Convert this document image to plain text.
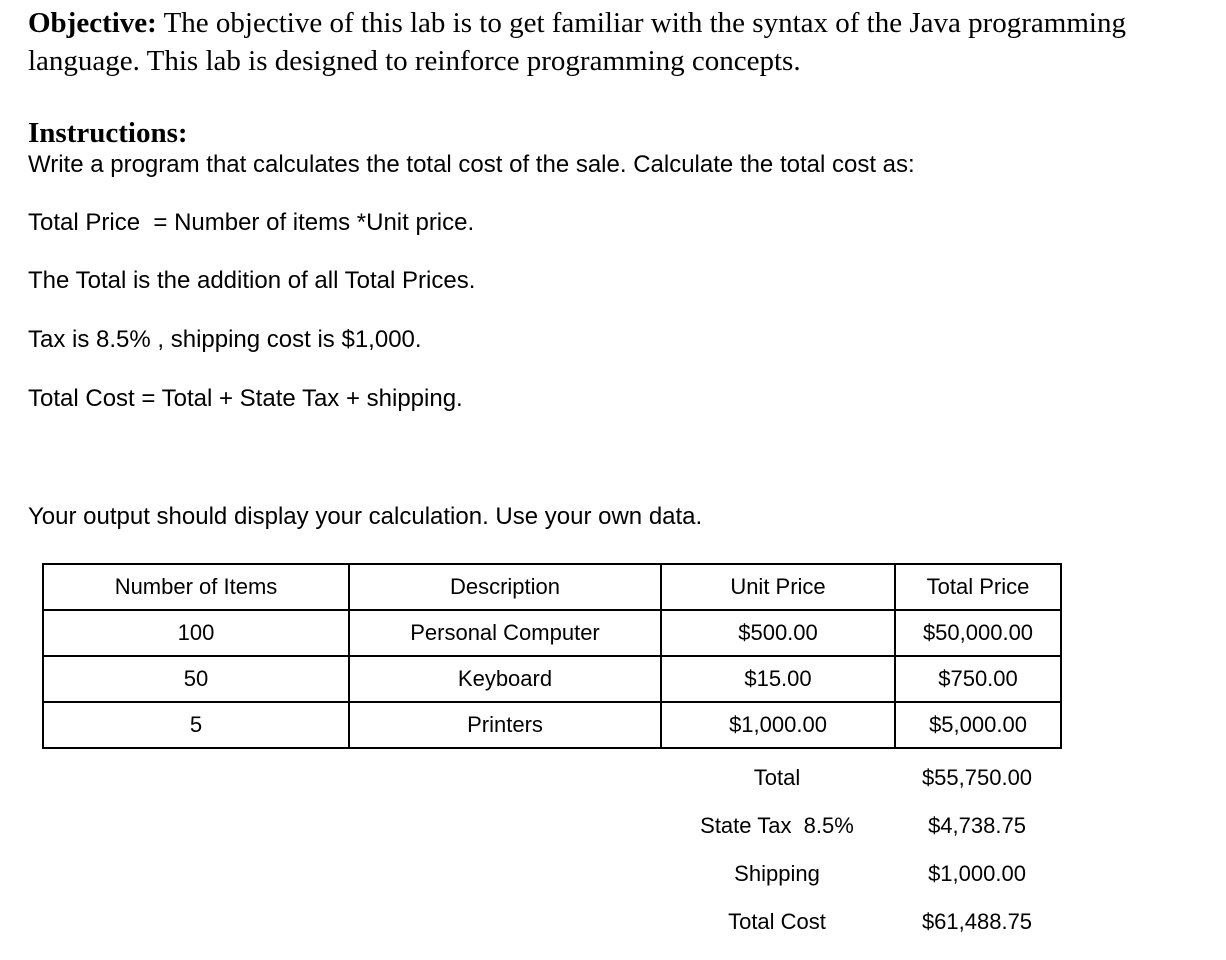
Objective: The objective of this lab is to get familiar with the syntax of the Java programming language. This lab is designed to reinforce programming concepts.
Instructions:
Write a program that calculates the total cost of the sale. Calculate the total cost as:
Total Price  = Number of items *Unit price.
The Total is the addition of all Total Prices.
Tax is 8.5% , shipping cost is $1,000.
Total Cost = Total + State Tax + shipping.
Your output should display your calculation. Use your own data.
Number of Items	Description	Unit Price	Total Price
100	Personal Computer	$500.00	$50,000.00
50	Keyboard	$15.00	$750.00
5	Printers	$1,000.00	$5,000.00
Total	$55,750.00
State Tax  8.5%	$4,738.75
Shipping	$1,000.00
Total Cost	$61,488.75
